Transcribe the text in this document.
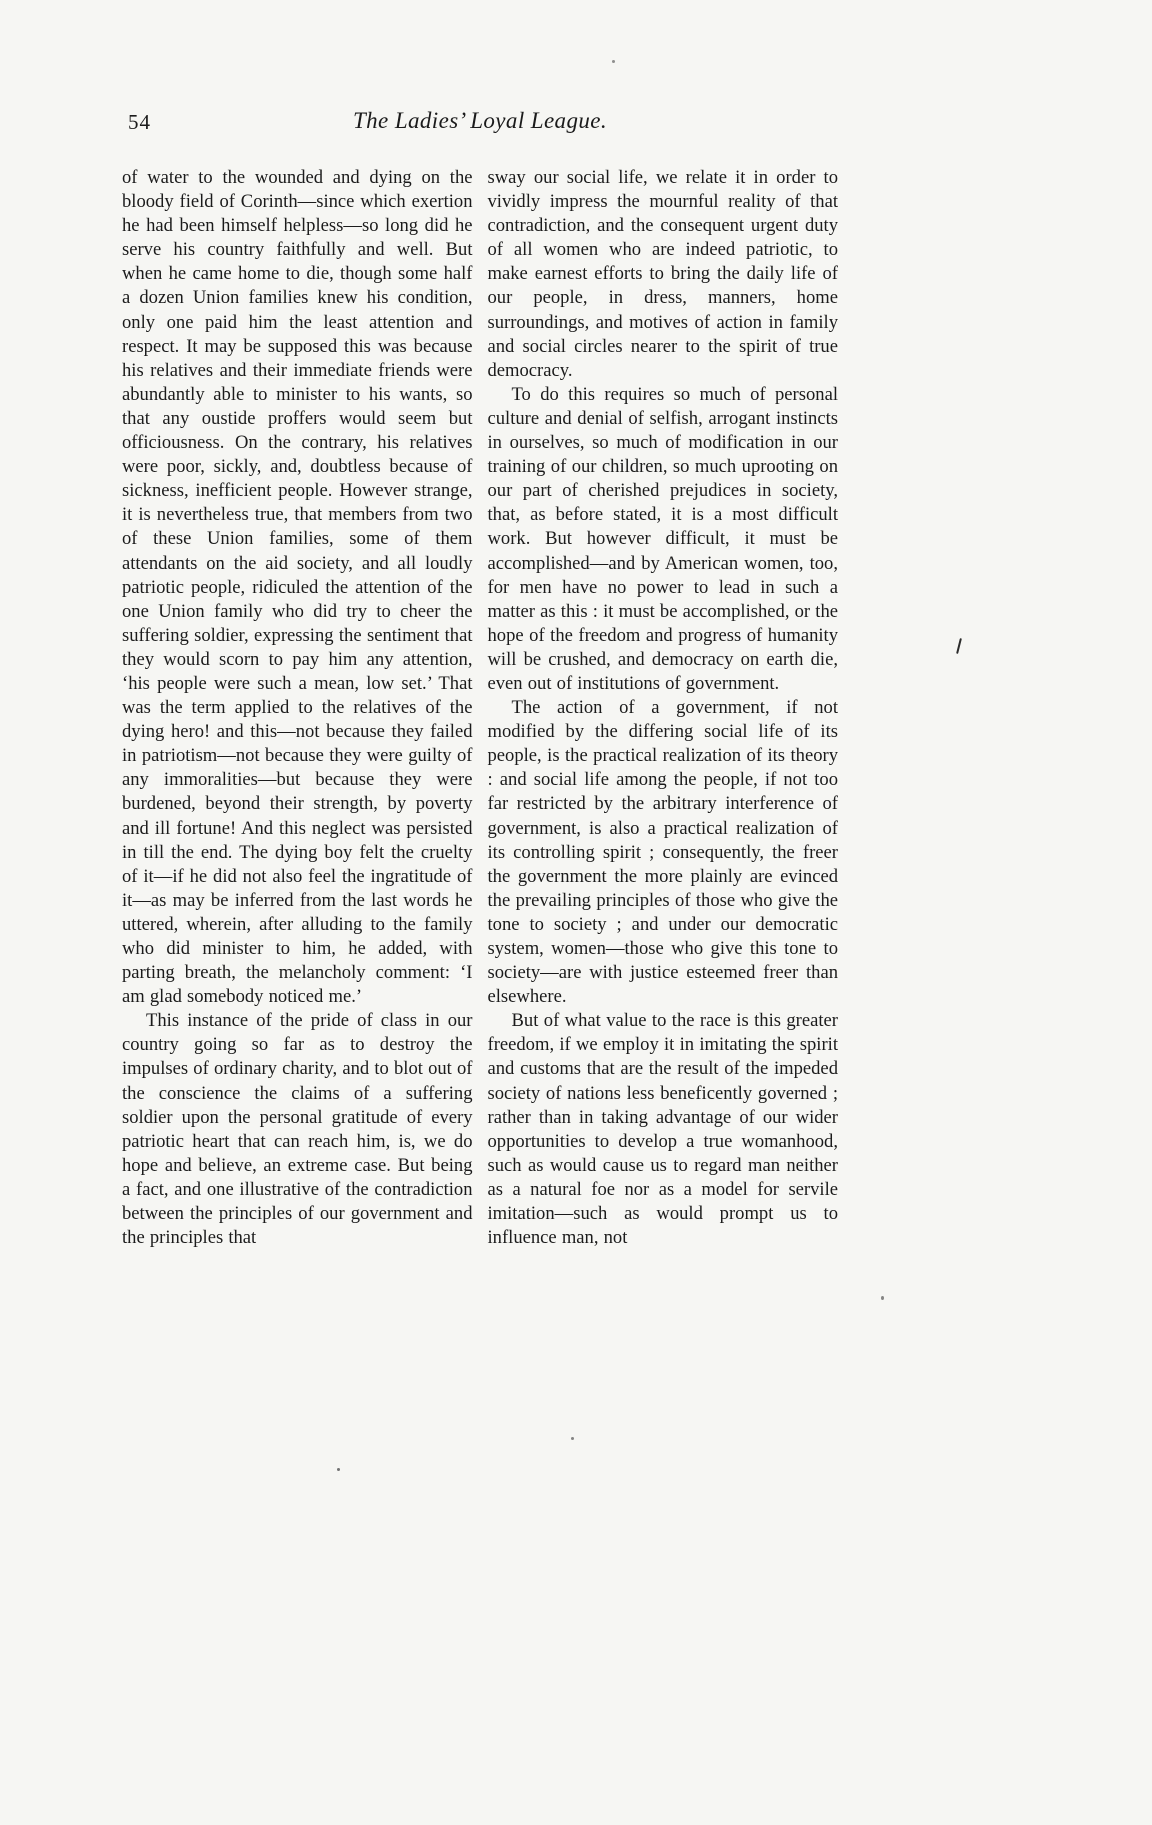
54	The Ladies’ Loyal League.

of water to the wounded and dying on the bloody field of Corinth—since which exertion he had been himself helpless—so long did he serve his country faithfully and well. But when he came home to die, though some half a dozen Union families knew his condition, only one paid him the least attention and respect. It may be supposed this was because his relatives and their immediate friends were abundantly able to minister to his wants, so that any oustide proffers would seem but officiousness. On the contrary, his relatives were poor, sickly, and, doubtless because of sickness, inefficient people. However strange, it is nevertheless true, that members from two of these Union families, some of them attendants on the aid society, and all loudly patriotic people, ridiculed the attention of the one Union family who did try to cheer the suffering soldier, expressing the sentiment that they would scorn to pay him any attention, ‘his people were such a mean, low set.’ That was the term applied to the relatives of the dying hero! and this—not because they failed in patriotism—not because they were guilty of any immoralities—but because they were burdened, beyond their strength, by poverty and ill fortune! And this neglect was persisted in till the end. The dying boy felt the cruelty of it—if he did not also feel the ingratitude of it—as may be inferred from the last words he uttered, wherein, after alluding to the family who did minister to him, he added, with parting breath, the melancholy comment: ‘I am glad somebody noticed me.’

This instance of the pride of class in our country going so far as to destroy the impulses of ordinary charity, and to blot out of the conscience the claims of a suffering soldier upon the personal gratitude of every patriotic heart that can reach him, is, we do hope and believe, an extreme case. But being a fact, and one illustrative of the contradiction between the principles of our government and the principles that

sway our social life, we relate it in order to vividly impress the mournful reality of that contradiction, and the consequent urgent duty of all women who are indeed patriotic, to make earnest efforts to bring the daily life of our people, in dress, manners, home surroundings, and motives of action in family and social circles nearer to the spirit of true democracy.

To do this requires so much of personal culture and denial of selfish, arrogant instincts in ourselves, so much of modification in our training of our children, so much uprooting on our part of cherished prejudices in society, that, as before stated, it is a most difficult work. But however difficult, it must be accomplished—and by American women, too, for men have no power to lead in such a matter as this : it must be accomplished, or the hope of the freedom and progress of humanity will be crushed, and democracy on earth die, even out of institutions of government.

The action of a government, if not modified by the differing social life of its people, is the practical realization of its theory : and social life among the people, if not too far restricted by the arbitrary interference of government, is also a practical realization of its controlling spirit ; consequently, the freer the government the more plainly are evinced the prevailing principles of those who give the tone to society ; and under our democratic system, women—those who give this tone to society—are with justice esteemed freer than elsewhere.

But of what value to the race is this greater freedom, if we employ it in imitating the spirit and customs that are the result of the impeded society of nations less beneficently governed ; rather than in taking advantage of our wider opportunities to develop a true womanhood, such as would cause us to regard man neither as a natural foe nor as a model for servile imitation—such as would prompt us to influence man, not
